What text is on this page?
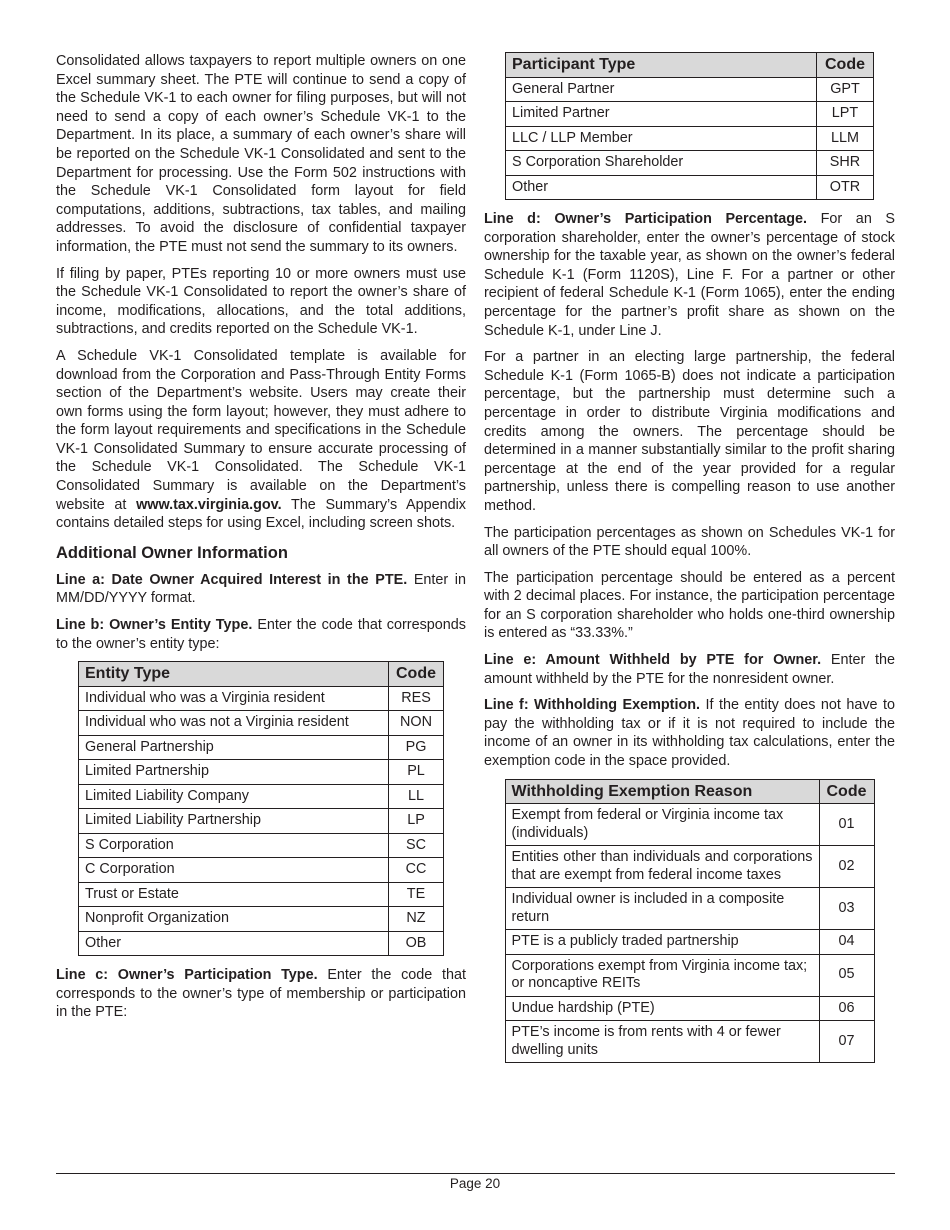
Consolidated allows taxpayers to report multiple owners on one Excel summary sheet. The PTE will continue to send a copy of the Schedule VK-1 to each owner for filing purposes, but will not need to send a copy of each owner’s Schedule VK-1 to the Department. In its place, a summary of each owner’s share will be reported on the Schedule VK-1 Consolidated and sent to the Department for processing. Use the Form 502 instructions with the Schedule VK-1 Consolidated form layout for field computations, additions, subtractions, tax tables, and mailing addresses. To avoid the disclosure of confidential taxpayer information, the PTE must not send the summary to its owners.

If filing by paper, PTEs reporting 10 or more owners must use the Schedule VK-1 Consolidated to report the owner’s share of income, modifications, allocations, and the total additions, subtractions, and credits reported on the Schedule VK-1.

A Schedule VK-1 Consolidated template is available for download from the Corporation and Pass-Through Entity Forms section of the Department’s website. Users may create their own forms using the form layout; however, they must adhere to the form layout requirements and specifications in the Schedule VK-1 Consolidated Summary to ensure accurate processing of the Schedule VK-1 Consolidated. The Schedule VK-1 Consolidated Summary is available on the Department’s website at www.tax.virginia.gov. The Summary’s Appendix contains detailed steps for using Excel, including screen shots.

Additional Owner Information

Line a: Date Owner Acquired Interest in the PTE. Enter in MM/DD/YYYY format.

Line b: Owner’s Entity Type. Enter the code that corresponds to the owner’s entity type:

Entity Type	Code
Individual who was a Virginia resident	RES
Individual who was not a Virginia resident	NON
General Partnership	PG
Limited Partnership	PL
Limited Liability Company	LL
Limited Liability Partnership	LP
S Corporation	SC
C Corporation	CC
Trust or Estate	TE
Nonprofit Organization	NZ
Other	OB

Line c: Owner’s Participation Type. Enter the code that corresponds to the owner’s type of membership or participation in the PTE:

Participant Type	Code
General Partner	GPT
Limited Partner	LPT
LLC / LLP Member	LLM
S Corporation Shareholder	SHR
Other	OTR

Line d: Owner’s Participation Percentage. For an S corporation shareholder, enter the owner’s percentage of stock ownership for the taxable year, as shown on the owner’s federal Schedule K-1 (Form 1120S), Line F. For a partner or other recipient of federal Schedule K-1 (Form 1065), enter the ending percentage for the partner’s profit share as shown on the Schedule K-1, under Line J.

For a partner in an electing large partnership, the federal Schedule K-1 (Form 1065-B) does not indicate a participation percentage, but the partnership must determine such a percentage in order to distribute Virginia modifications and credits among the owners. The percentage should be determined in a manner substantially similar to the profit sharing percentage at the end of the year provided for a regular partnership, unless there is compelling reason to use another method.

The participation percentages as shown on Schedules VK-1 for all owners of the PTE should equal 100%.

The participation percentage should be entered as a percent with 2 decimal places. For instance, the participation percentage for an S corporation shareholder who holds one-third ownership is entered as “33.33%.”

Line e: Amount Withheld by PTE for Owner. Enter the amount withheld by the PTE for the nonresident owner.

Line f: Withholding Exemption. If the entity does not have to pay the withholding tax or if it is not required to include the income of an owner in its withholding tax calculations, enter the exemption code in the space provided.

Withholding Exemption Reason	Code
Exempt from federal or Virginia income tax (individuals)	01
Entities other than individuals and corporations that are exempt from federal income taxes	02
Individual owner is included in a composite return	03
PTE is a publicly traded partnership	04
Corporations exempt from Virginia income tax; or noncaptive REITs	05
Undue hardship (PTE)	06
PTE’s income is from rents with 4 or fewer dwelling units	07
Page 20
